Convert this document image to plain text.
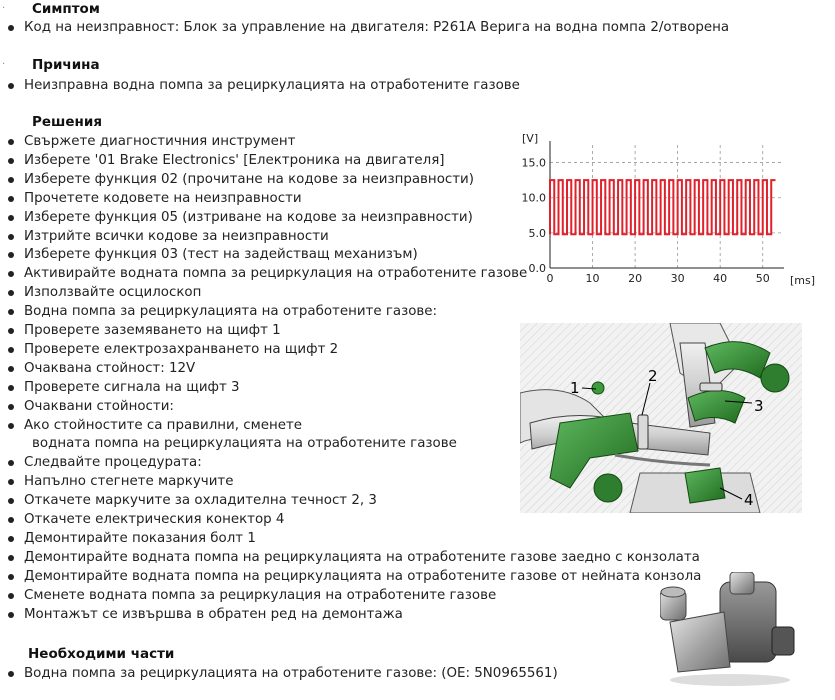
· Симптом
Код на неизправност: Блок за управление на двигателя: P261A Верига на водна помпа 2/отворена
· Причина
Неизправна водна помпа за рециркулацията на отработените газове
Решения
Свържете диагностичния инструмент
Изберете '01 Brake Electronics' [Електроника на двигателя]
Изберете функция 02 (прочитане на кодове за неизправности)
Прочетете кодовете на неизправности
Изберете функция 05 (изтриване на кодове за неизправности)
Изтрийте всички кодове за неизправности
Изберете функция 03 (тест на задействащ механизъм)
Активирайте водната помпа за рециркулация на отработените газове
Използвайте осцилоскоп
Водна помпа за рециркулацията на отработените газове:
Проверете заземяването на щифт 1
Проверете електрозахранването на щифт 2
Очаквана стойност: 12V
Проверете сигнала на щифт 3
Очаквани стойности:
Ако стойностите са правилни, сменете
водната помпа на рециркулацията на отработените газове
Следвайте процедурата:
Напълно стегнете маркучите
Откачете маркучите за охладителна течност 2, 3
Откачете електрическия конектор 4
Демонтирайте показания болт 1
Демонтирайте водната помпа на рециркулацията на отработените газове заедно с конзолата
Демонтирайте водната помпа на рециркулацията на отработените газове от нейната конзола
Сменете водната помпа за рециркулация на отработените газове
Монтажът се извършва в обратен ред на демонтажа
Необходими части
Водна помпа за рециркулацията на отработените газове: (OE: 5N0965561)
[V]
[ms]
0	10	20	30	40	50
0.0
5.0
10.0
15.0
1
2
3
4
